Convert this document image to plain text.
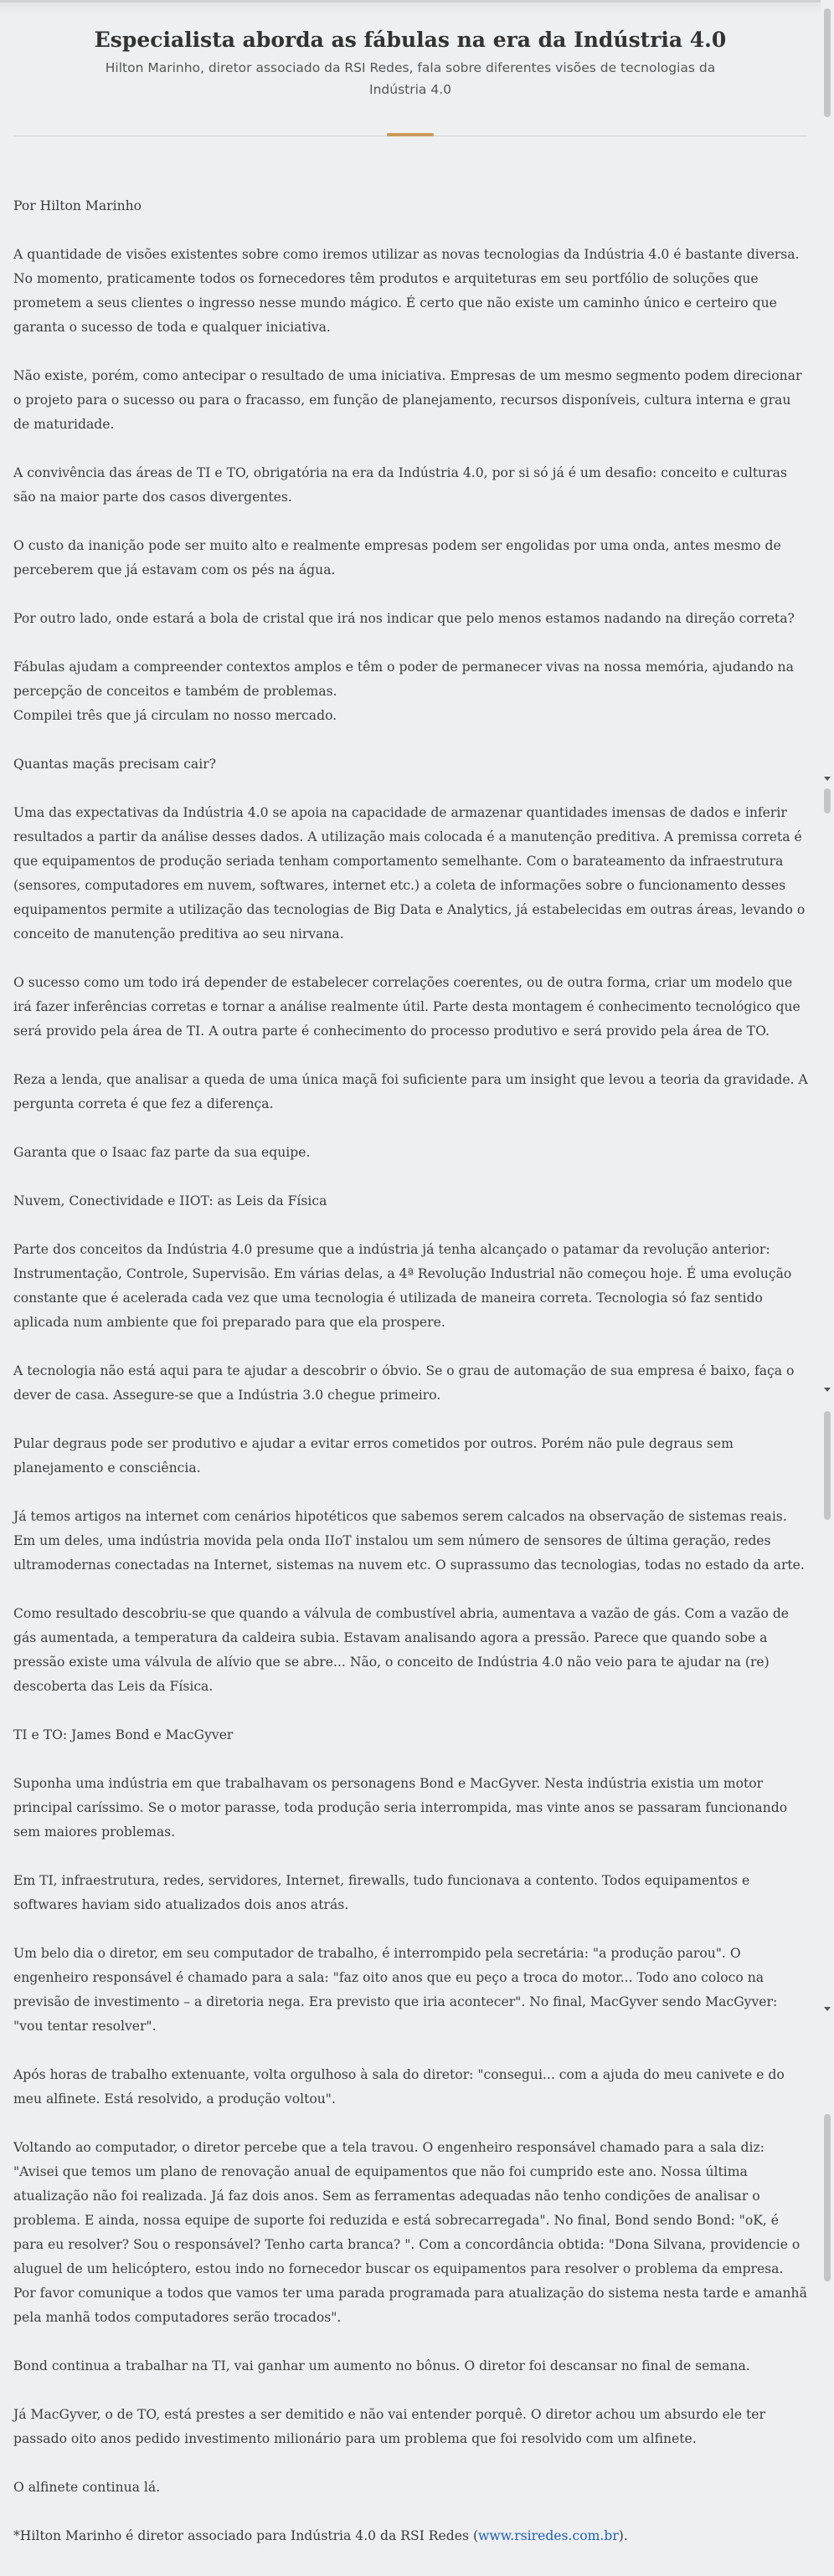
Especialista aborda as fábulas na era da Indústria 4.0
Hilton Marinho, diretor associado da RSI Redes, fala sobre diferentes visões de tecnologias da Indústria 4.0

Por Hilton Marinho

A quantidade de visões existentes sobre como iremos utilizar as novas tecnologias da Indústria 4.0 é bastante diversa. No momento, praticamente todos os fornecedores têm produtos e arquiteturas em seu portfólio de soluções que prometem a seus clientes o ingresso nesse mundo mágico. É certo que não existe um caminho único e certeiro que garanta o sucesso de toda e qualquer iniciativa.

Não existe, porém, como antecipar o resultado de uma iniciativa. Empresas de um mesmo segmento podem direcionar o projeto para o sucesso ou para o fracasso, em função de planejamento, recursos disponíveis, cultura interna e grau de maturidade.

A convivência das áreas de TI e TO, obrigatória na era da Indústria 4.0, por si só já é um desafio: conceito e culturas são na maior parte dos casos divergentes.

O custo da inanição pode ser muito alto e realmente empresas podem ser engolidas por uma onda, antes mesmo de perceberem que já estavam com os pés na água.

Por outro lado, onde estará a bola de cristal que irá nos indicar que pelo menos estamos nadando na direção correta?

Fábulas ajudam a compreender contextos amplos e têm o poder de permanecer vivas na nossa memória, ajudando na percepção de conceitos e também de problemas.

Compilei três que já circulam no nosso mercado.

Quantas maçãs precisam cair?

Uma das expectativas da Indústria 4.0 se apoia na capacidade de armazenar quantidades imensas de dados e inferir resultados a partir da análise desses dados. A utilização mais colocada é a manutenção preditiva. A premissa correta é que equipamentos de produção seriada tenham comportamento semelhante. Com o barateamento da infraestrutura (sensores, computadores em nuvem, softwares, internet etc.) a coleta de informações sobre o funcionamento desses equipamentos permite a utilização das tecnologias de Big Data e Analytics, já estabelecidas em outras áreas, levando o conceito de manutenção preditiva ao seu nirvana.

O sucesso como um todo irá depender de estabelecer correlações coerentes, ou de outra forma, criar um modelo que irá fazer inferências corretas e tornar a análise realmente útil. Parte desta montagem é conhecimento tecnológico que será provido pela área de TI. A outra parte é conhecimento do processo produtivo e será provido pela área de TO.

Reza a lenda, que analisar a queda de uma única maçã foi suficiente para um insight que levou a teoria da gravidade. A pergunta correta é que fez a diferença.

Garanta que o Isaac faz parte da sua equipe.

Nuvem, Conectividade e IIOT: as Leis da Física

Parte dos conceitos da Indústria 4.0 presume que a indústria já tenha alcançado o patamar da revolução anterior: Instrumentação, Controle, Supervisão. Em várias delas, a 4ª Revolução Industrial não começou hoje. É uma evolução constante que é acelerada cada vez que uma tecnologia é utilizada de maneira correta. Tecnologia só faz sentido aplicada num ambiente que foi preparado para que ela prospere.

A tecnologia não está aqui para te ajudar a descobrir o óbvio. Se o grau de automação de sua empresa é baixo, faça o dever de casa. Assegure-se que a Indústria 3.0 chegue primeiro.

Pular degraus pode ser produtivo e ajudar a evitar erros cometidos por outros. Porém não pule degraus sem planejamento e consciência.

Já temos artigos na internet com cenários hipotéticos que sabemos serem calcados na observação de sistemas reais. Em um deles, uma indústria movida pela onda IIoT instalou um sem número de sensores de última geração, redes ultramodernas conectadas na Internet, sistemas na nuvem etc. O suprassumo das tecnologias, todas no estado da arte.

Como resultado descobriu-se que quando a válvula de combustível abria, aumentava a vazão de gás. Com a vazão de gás aumentada, a temperatura da caldeira subia. Estavam analisando agora a pressão. Parece que quando sobe a pressão existe uma válvula de alívio que se abre... Não, o conceito de Indústria 4.0 não veio para te ajudar na (re) descoberta das Leis da Física.

TI e TO: James Bond e MacGyver

Suponha uma indústria em que trabalhavam os personagens Bond e MacGyver. Nesta indústria existia um motor principal caríssimo. Se o motor parasse, toda produção seria interrompida, mas vinte anos se passaram funcionando sem maiores problemas.

Em TI, infraestrutura, redes, servidores, Internet, firewalls, tudo funcionava a contento. Todos equipamentos e softwares haviam sido atualizados dois anos atrás.

Um belo dia o diretor, em seu computador de trabalho, é interrompido pela secretária: "a produção parou". O engenheiro responsável é chamado para a sala: "faz oito anos que eu peço a troca do motor... Todo ano coloco na previsão de investimento – a diretoria nega. Era previsto que iria acontecer". No final, MacGyver sendo MacGyver: "vou tentar resolver".

Após horas de trabalho extenuante, volta orgulhoso à sala do diretor: "consegui... com a ajuda do meu canivete e do meu alfinete. Está resolvido, a produção voltou".

Voltando ao computador, o diretor percebe que a tela travou. O engenheiro responsável chamado para a sala diz: "Avisei que temos um plano de renovação anual de equipamentos que não foi cumprido este ano. Nossa última atualização não foi realizada. Já faz dois anos. Sem as ferramentas adequadas não tenho condições de analisar o problema. E ainda, nossa equipe de suporte foi reduzida e está sobrecarregada". No final, Bond sendo Bond: "oK, é para eu resolver? Sou o responsável? Tenho carta branca? ". Com a concordância obtida: "Dona Silvana, providencie o aluguel de um helicóptero, estou indo no fornecedor buscar os equipamentos para resolver o problema da empresa. Por favor comunique a todos que vamos ter uma parada programada para atualização do sistema nesta tarde e amanhã pela manhã todos computadores serão trocados".

Bond continua a trabalhar na TI, vai ganhar um aumento no bônus. O diretor foi descansar no final de semana.

Já MacGyver, o de TO, está prestes a ser demitido e não vai entender porquê. O diretor achou um absurdo ele ter passado oito anos pedido investimento milionário para um problema que foi resolvido com um alfinete.

O alfinete continua lá.

*Hilton Marinho é diretor associado para Indústria 4.0 da RSI Redes (www.rsiredes.com.br).
